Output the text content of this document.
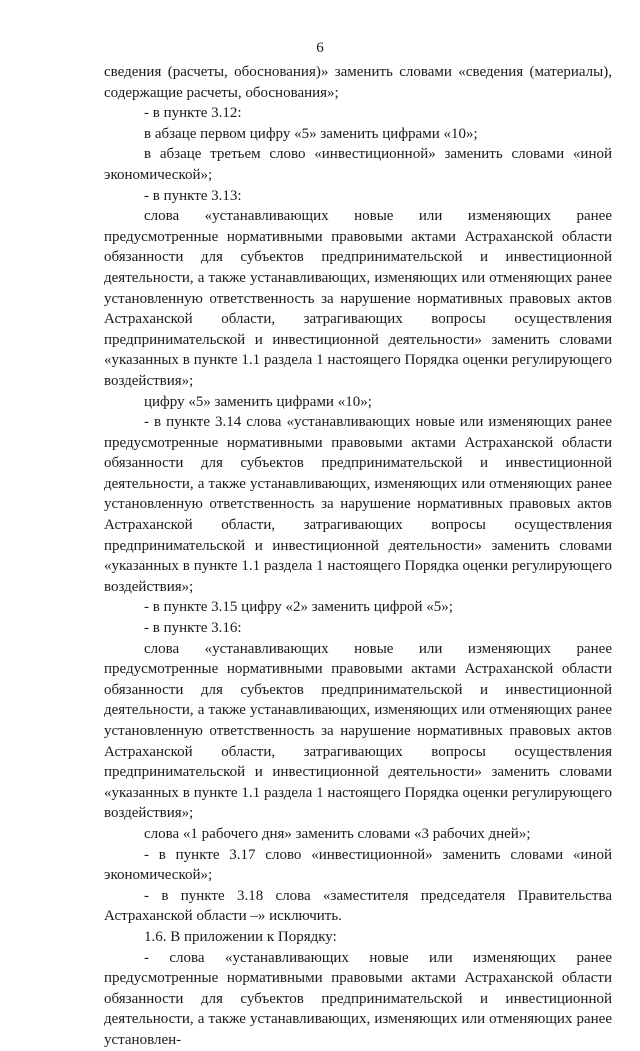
6

сведения (расчеты, обоснования)» заменить словами «сведения (материалы), содержащие расчеты, обоснования»;

- в пункте 3.12:

в абзаце первом цифру «5» заменить цифрами «10»;

в абзаце третьем слово «инвестиционной» заменить словами «иной экономической»;

- в пункте 3.13:

слова «устанавливающих новые или изменяющих ранее предусмотренные нормативными правовыми актами Астраханской области обязанности для субъектов предпринимательской и инвестиционной деятельности, а также устанавливающих, изменяющих или отменяющих ранее установленную ответственность за нарушение нормативных правовых актов Астраханской области, затрагивающих вопросы осуществления предпринимательской и инвестиционной деятельности» заменить словами «указанных в пункте 1.1 раздела 1 настоящего Порядка оценки регулирующего воздействия»;

цифру «5» заменить цифрами «10»;

- в пункте 3.14 слова «устанавливающих новые или изменяющих ранее предусмотренные нормативными правовыми актами Астраханской области обязанности для субъектов предпринимательской и инвестиционной деятельности, а также устанавливающих, изменяющих или отменяющих ранее установленную ответственность за нарушение нормативных правовых актов Астраханской области, затрагивающих вопросы осуществления предпринимательской и инвестиционной деятельности» заменить словами «указанных в пункте 1.1 раздела 1 настоящего Порядка оценки регулирующего воздействия»;

- в пункте 3.15 цифру «2» заменить цифрой «5»;

- в пункте 3.16:

слова «устанавливающих новые или изменяющих ранее предусмотренные нормативными правовыми актами Астраханской области обязанности для субъектов предпринимательской и инвестиционной деятельности, а также устанавливающих, изменяющих или отменяющих ранее установленную ответственность за нарушение нормативных правовых актов Астраханской области, затрагивающих вопросы осуществления предпринимательской и инвестиционной деятельности» заменить словами «указанных в пункте 1.1 раздела 1 настоящего Порядка оценки регулирующего воздействия»;

слова «1 рабочего дня» заменить словами «3 рабочих дней»;

- в пункте 3.17 слово «инвестиционной» заменить словами «иной экономической»;

- в пункте 3.18 слова «заместителя председателя Правительства Астраханской области –» исключить.

1.6. В приложении к Порядку:

- слова «устанавливающих новые или изменяющих ранее предусмотренные нормативными правовыми актами Астраханской области обязанности для субъектов предпринимательской и инвестиционной деятельности, а также устанавливающих, изменяющих или отменяющих ранее установлен-
